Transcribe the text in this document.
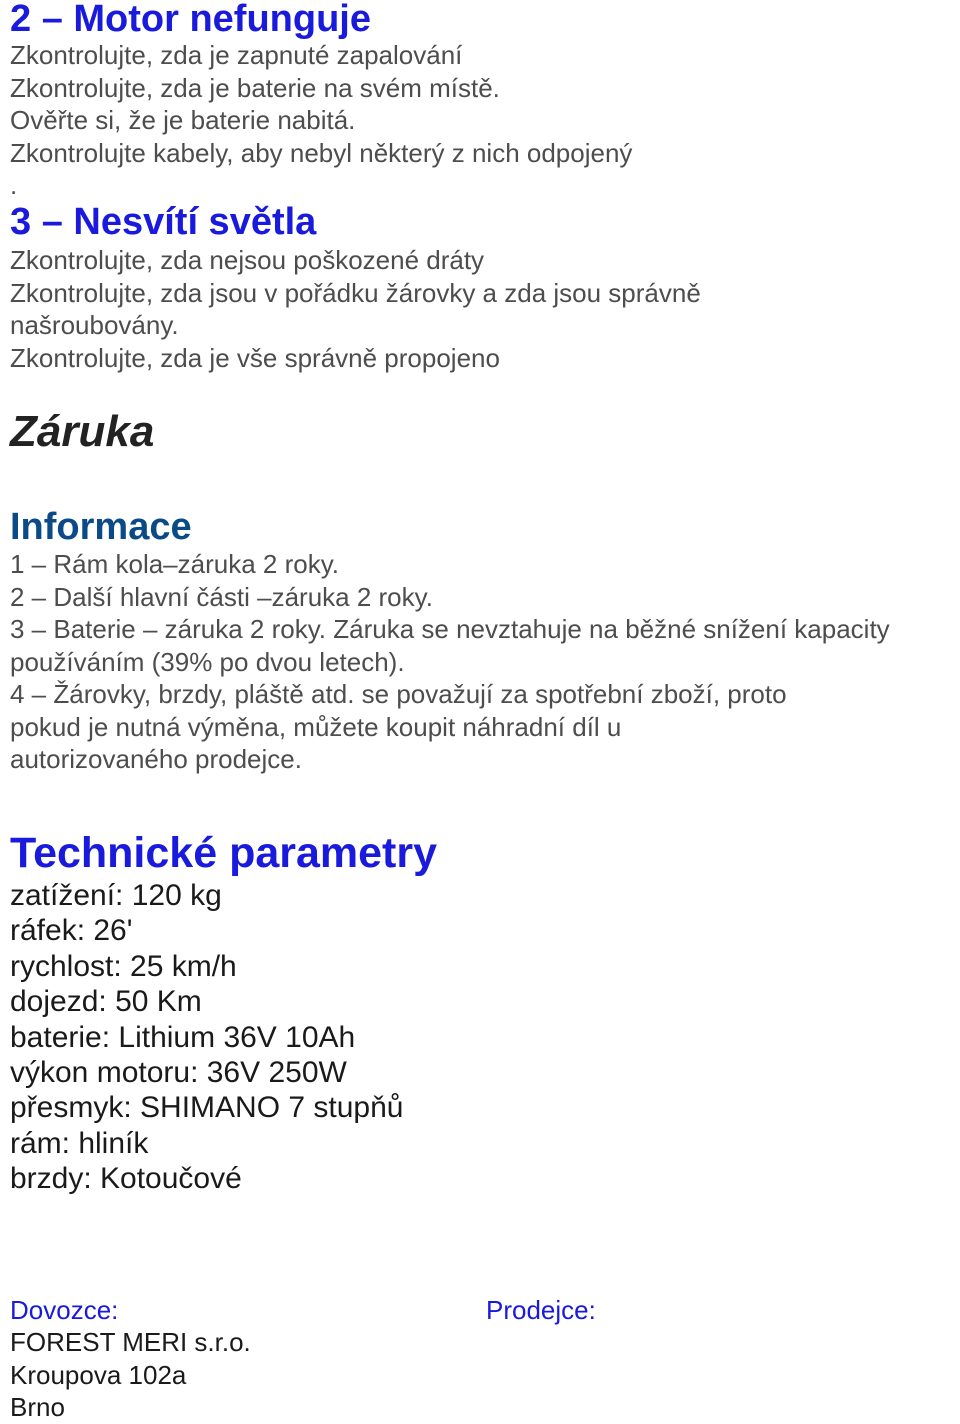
2 – Motor nefunguje
Zkontrolujte, zda je zapnuté zapalování
Zkontrolujte, zda je baterie na svém místě.
Ověřte si, že je baterie nabitá.
Zkontrolujte kabely, aby nebyl některý z nich odpojený
.
3 – Nesvítí světla
Zkontrolujte, zda nejsou poškozené dráty
Zkontrolujte, zda jsou v pořádku žárovky a zda jsou správně
našroubovány.
Zkontrolujte, zda je vše správně propojeno
Záruka
Informace
1 – Rám kola–záruka 2 roky.
2 – Další hlavní části –záruka 2 roky.
3 – Baterie – záruka 2 roky. Záruka se nevztahuje na běžné snížení kapacity
používáním (39% po dvou letech).
4 – Žárovky, brzdy, pláště atd. se považují za spotřební zboží, proto
pokud je nutná výměna, můžete koupit náhradní díl u
autorizovaného prodejce.
Technické parametry
zatížení: 120 kg
ráfek: 26'
rychlost: 25 km/h
dojezd: 50 Km
baterie: Lithium 36V 10Ah
výkon motoru: 36V 250W
přesmyk: SHIMANO 7 stupňů
rám: hliník
brzdy: Kotoučové
Dovozce:	Prodejce:
FOREST MERI s.r.o.
Kroupova 102a
Brno
